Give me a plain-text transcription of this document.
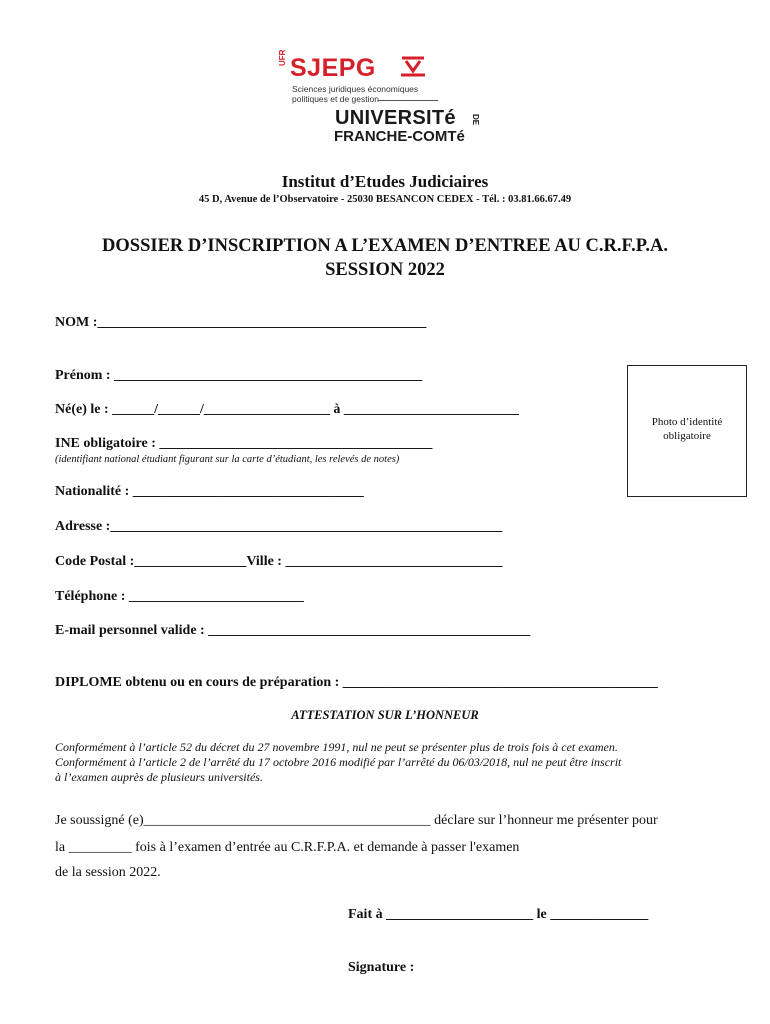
UFR SJEPG
Sciences juridiques économiques
politiques et de gestion
UNIVERSITé DE
FRANCHE-COMTé
Institut d’Etudes Judiciaires
45 D, Avenue de l’Observatoire - 25030 BESANCON CEDEX - Tél. : 03.81.66.67.49
DOSSIER D’INSCRIPTION A L’EXAMEN D’ENTREE AU C.R.F.P.A.
SESSION 2022
Photo d’identité
obligatoire
NOM :_______________________________________________
Prénom : ____________________________________________
Né(e) le : ______/______/__________________ à _________________________
INE obligatoire : _______________________________________
(identifiant national étudiant figurant sur la carte d’étudiant, les relevés de notes)
Nationalité : _________________________________
Adresse :________________________________________________________
Code Postal :________________Ville : _______________________________
Téléphone : _________________________
E-mail personnel valide : ______________________________________________
DIPLOME obtenu ou en cours de préparation : _____________________________________________
ATTESTATION SUR L’HONNEUR
Conformément à l’article 52 du décret du 27 novembre 1991, nul ne peut se présenter plus de trois fois à cet examen.
Conformément à l’article 2 de l’arrêté du 17 octobre 2016 modifié par l’arrêté du 06/03/2018, nul ne peut être inscrit
à l’examen auprès de plusieurs universités.
Je soussigné (e)_________________________________________ déclare sur l’honneur me présenter pour
la _________ fois à l’examen d’entrée au C.R.F.P.A. et demande à passer l'examen
de la session 2022.
Fait à _____________________ le ______________
Signature :
